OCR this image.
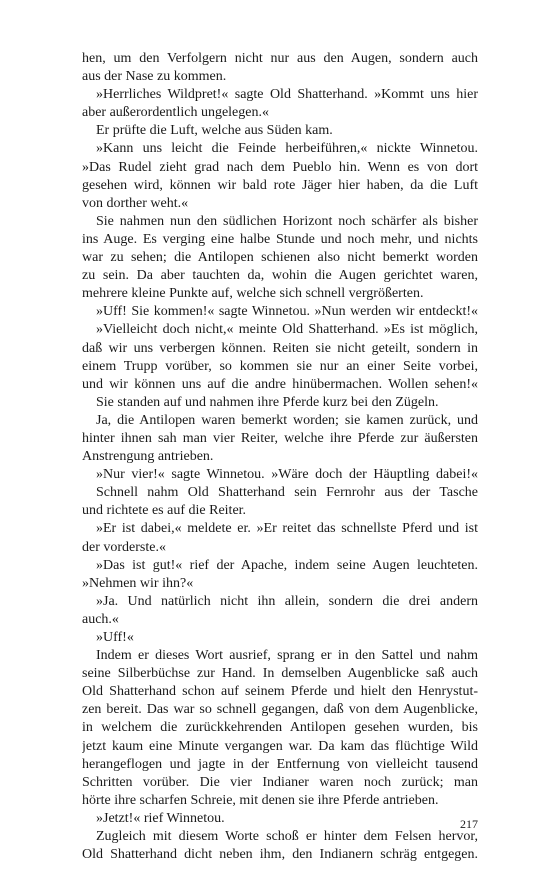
hen, um den Verfolgern nicht nur aus den Augen, sondern auch
aus der Nase zu kommen.
»Herrliches Wildpret!« sagte Old Shatterhand. »Kommt uns hier
aber außerordentlich ungelegen.«
Er prüfte die Luft, welche aus Süden kam.
»Kann uns leicht die Feinde herbeiführen,« nickte Winnetou.
»Das Rudel zieht grad nach dem Pueblo hin. Wenn es von dort
gesehen wird, können wir bald rote Jäger hier haben, da die Luft
von dorther weht.«
Sie nahmen nun den südlichen Horizont noch schärfer als bisher
ins Auge. Es verging eine halbe Stunde und noch mehr, und nichts
war zu sehen; die Antilopen schienen also nicht bemerkt worden
zu sein. Da aber tauchten da, wohin die Augen gerichtet waren,
mehrere kleine Punkte auf, welche sich schnell vergrößerten.
»Uff! Sie kommen!« sagte Winnetou. »Nun werden wir entdeckt!«
»Vielleicht doch nicht,« meinte Old Shatterhand. »Es ist möglich,
daß wir uns verbergen können. Reiten sie nicht geteilt, sondern in
einem Trupp vorüber, so kommen sie nur an einer Seite vorbei,
und wir können uns auf die andre hinübermachen. Wollen sehen!«
Sie standen auf und nahmen ihre Pferde kurz bei den Zügeln.
Ja, die Antilopen waren bemerkt worden; sie kamen zurück, und
hinter ihnen sah man vier Reiter, welche ihre Pferde zur äußersten
Anstrengung antrieben.
»Nur vier!« sagte Winnetou. »Wäre doch der Häuptling dabei!«
Schnell nahm Old Shatterhand sein Fernrohr aus der Tasche
und richtete es auf die Reiter.
»Er ist dabei,« meldete er. »Er reitet das schnellste Pferd und ist
der vorderste.«
»Das ist gut!« rief der Apache, indem seine Augen leuchteten.
»Nehmen wir ihn?«
»Ja. Und natürlich nicht ihn allein, sondern die drei andern
auch.«
»Uff!«
Indem er dieses Wort ausrief, sprang er in den Sattel und nahm
seine Silberbüchse zur Hand. In demselben Augenblicke saß auch
Old Shatterhand schon auf seinem Pferde und hielt den Henrystut-
zen bereit. Das war so schnell gegangen, daß von dem Augenblicke,
in welchem die zurückkehrenden Antilopen gesehen wurden, bis
jetzt kaum eine Minute vergangen war. Da kam das flüchtige Wild
herangeflogen und jagte in der Entfernung von vielleicht tausend
Schritten vorüber. Die vier Indianer waren noch zurück; man
hörte ihre scharfen Schreie, mit denen sie ihre Pferde antrieben.
»Jetzt!« rief Winnetou.
Zugleich mit diesem Worte schoß er hinter dem Felsen hervor,
Old Shatterhand dicht neben ihm, den Indianern schräg entgegen.
217
